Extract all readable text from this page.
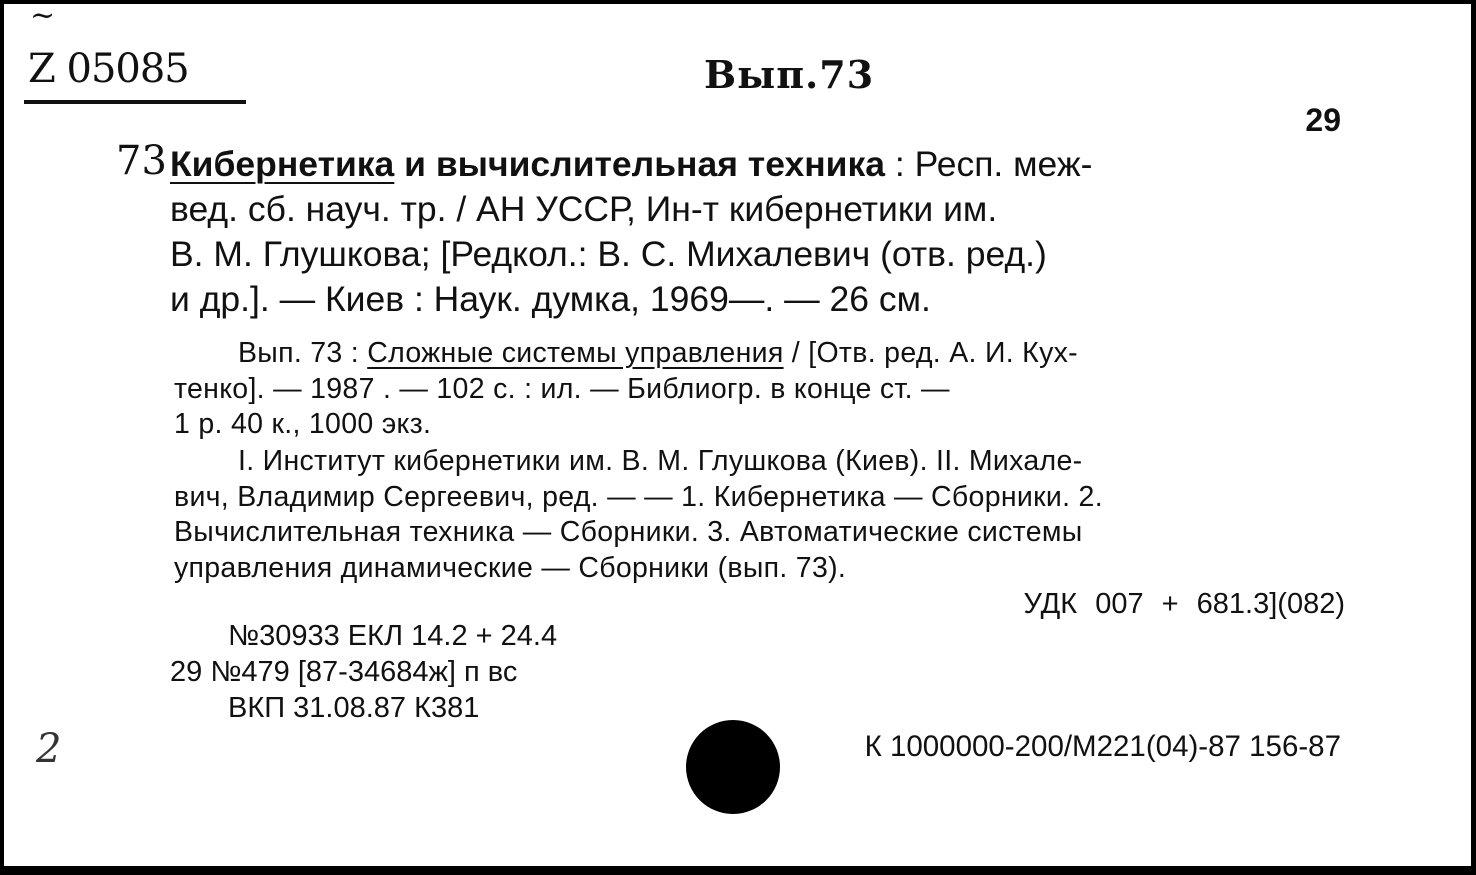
~
Z 05085	Вып.73
29
73 Кибернетика и вычислительная техника : Респ. меж-
вед. сб. науч. тр. / АН УССР, Ин-т кибернетики им.
В. М. Глушкова; [Редкол.: В. С. Михалевич (отв. ред.)
и др.]. — Киев : Наук. думка, 1969—. — 26 см.
Вып. 73 : Сложные системы управления / [Отв. ред. А. И. Кух-
тенко]. — 1987 . — 102 с. : ил. — Библиогр. в конце ст. —
1 р. 40 к., 1000 экз.
I. Институт кибернетики им. В. М. Глушкова (Киев). II. Михале-
вич, Владимир Сергеевич, ред. — — 1. Кибернетика — Сборники. 2.
Вычислительная техника — Сборники. 3. Автоматические системы
управления динамические — Сборники (вып. 73).
УДК 007 + 681.3](082)
№30933 ЕКЛ 14.2 + 24.4
29 №479 [87-34684ж] п вс
ВКП 31.08.87 К381
2	К 1000000-200/М221(04)-87 156-87
